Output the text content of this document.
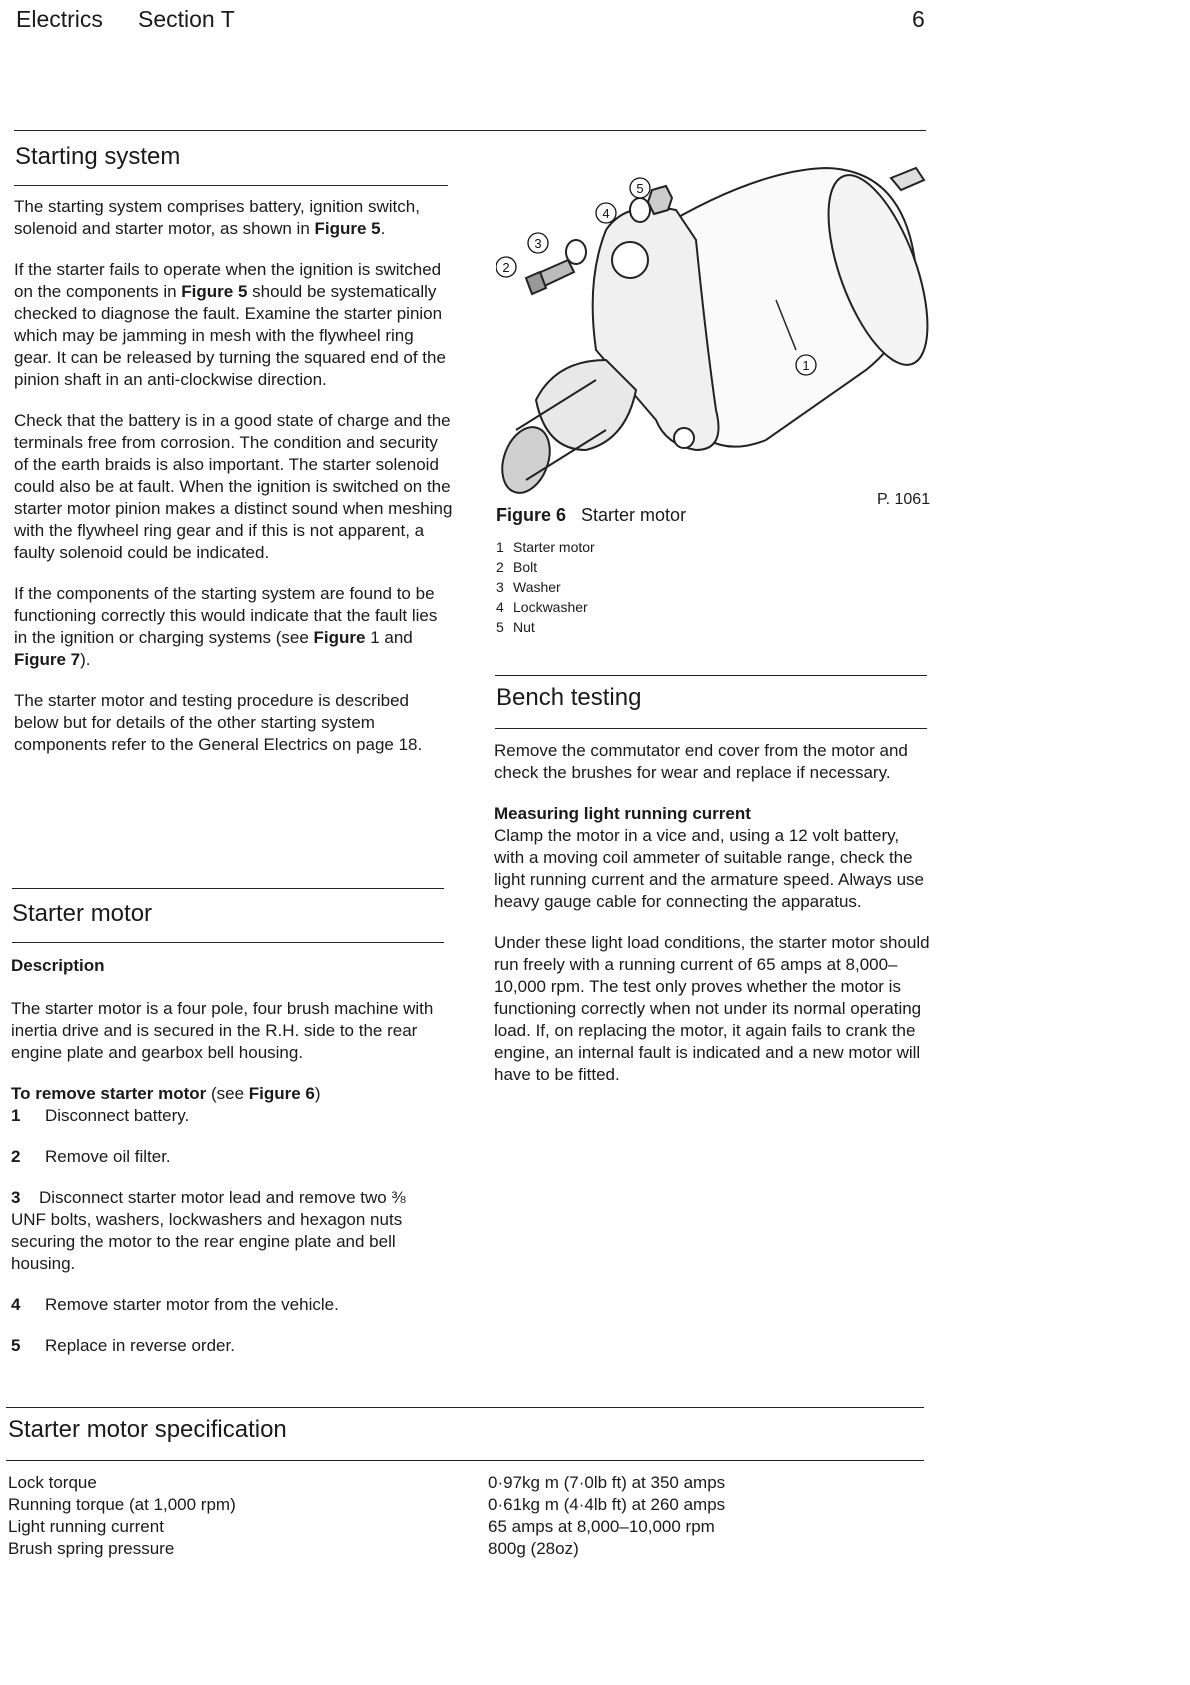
Electrics Section T	6
Starting system

The starting system comprises battery, ignition switch, solenoid and starter motor, as shown in Figure 5.

If the starter fails to operate when the ignition is switched on the components in Figure 5 should be systematically checked to diagnose the fault. Examine the starter pinion which may be jamming in mesh with the flywheel ring gear. It can be released by turning the squared end of the pinion shaft in an anti-clockwise direction.

Check that the battery is in a good state of charge and the terminals free from corrosion. The condition and security of the earth braids is also important. The starter solenoid could also be at fault. When the ignition is switched on the starter motor pinion makes a distinct sound when meshing with the flywheel ring gear and if this is not apparent, a faulty solenoid could be indicated.

If the components of the starting system are found to be functioning correctly this would indicate that the fault lies in the ignition or charging systems (see Figure 1 and Figure 7).

The starter motor and testing procedure is described below but for details of the other starting system components refer to the General Electrics on page 18.

Starter motor
Description

The starter motor is a four pole, four brush machine with inertia drive and is secured in the R.H. side to the rear engine plate and gearbox bell housing.

To remove starter motor (see Figure 6)
1 Disconnect battery.
2 Remove oil filter.
3 Disconnect starter motor lead and remove two ⅜ UNF bolts, washers, lockwashers and hexagon nuts securing the motor to the rear engine plate and bell housing.
4 Remove starter motor from the vehicle.
5 Replace in reverse order.
1
2
3
4
5
P. 1061
Figure 6 Starter motor
1 Starter motor
2 Bolt
3 Washer
4 Lockwasher
5 Nut
Bench testing

Remove the commutator end cover from the motor and check the brushes for wear and replace if necessary.

Measuring light running current

Clamp the motor in a vice and, using a 12 volt battery, with a moving coil ammeter of suitable range, check the light running current and the armature speed. Always use heavy gauge cable for connecting the apparatus.

Under these light load conditions, the starter motor should run freely with a running current of 65 amps at 8,000–10,000 rpm. The test only proves whether the motor is functioning correctly when not under its normal operating load. If, on replacing the motor, it again fails to crank the engine, an internal fault is indicated and a new motor will have to be fitted.

Starter motor specification
Lock torque	0·97kg m (7·0lb ft) at 350 amps
Running torque (at 1,000 rpm)	0·61kg m (4·4lb ft) at 260 amps
Light running current	65 amps at 8,000–10,000 rpm
Brush spring pressure	800g (28oz)
